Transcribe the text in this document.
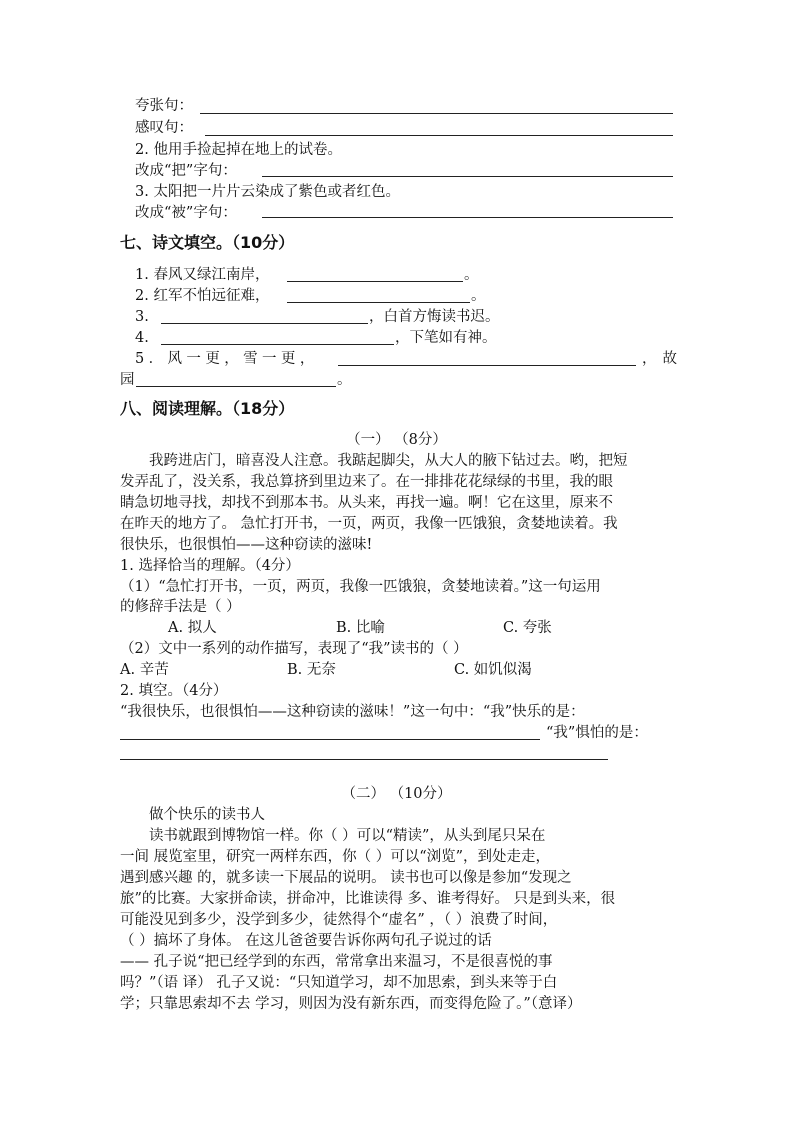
夸张句：
感叹句：
2. 他用手捡起掉在地上的试卷。
改成“把”字句：
3. 太阳把一片片云染成了紫色或者红色。
改成“被”字句：
七、诗文填空。（10分）
1. 春风又绿江南岸，	。
2. 红军不怕远征难，	。
3.	，白首方悔读书迟。
4.	，下笔如有神。
5．风一更，雪一更，	，故
园	。
八、阅读理解。（18分）
（一） （8分）
我跨进店门，暗喜没人注意。我踮起脚尖，从大人的腋下钻过去。哟，把短
发弄乱了，没关系，我总算挤到里边来了。在一排排花花绿绿的书里，我的眼
睛急切地寻找，却找不到那本书。从头来，再找一遍。啊！它在这里，原来不
在昨天的地方了。 急忙打开书，一页，两页，我像一匹饿狼，贪婪地读着。我
很快乐，也很惧怕——这种窃读的滋味!
1. 选择恰当的理解。（4分）
（1）“急忙打开书，一页，两页，我像一匹饿狼，贪婪地读着。”这一句运用
的修辞手法是（ ）
A. 拟人	B. 比喻	C. 夸张
（2）文中一系列的动作描写，表现了“我”读书的（ ）
A. 辛苦	B. 无奈	C. 如饥似渴
2. 填空。（4分）
“我很快乐，也很惧怕——这种窃读的滋味！”这一句中：“我”快乐的是：
“我”惧怕的是：
（二） （10分）
做个快乐的读书人
读书就跟到博物馆一样。你（ ）可以“精读”，从头到尾只呆在
一间 展览室里，研究一两样东西，你（ ）可以“浏览”，到处走走，
遇到感兴趣 的，就多读一下展品的说明。 读书也可以像是参加“发现之
旅”的比赛。大家拼命读，拼命冲，比谁读得 多、谁考得好。 只是到头来，很
可能没见到多少，没学到多少，徒然得个“虚名” ，（ ）浪费了时间，
（ ）搞坏了身体。 在这儿爸爸要告诉你两句孔子说过的话
—— 孔子说“把已经学到的东西，常常拿出来温习，不是很喜悦的事
吗？”（语 译） 孔子又说：“只知道学习，却不加思索，到头来等于白
学；只靠思索却不去 学习，则因为没有新东西，而变得危险了。”（意译）
